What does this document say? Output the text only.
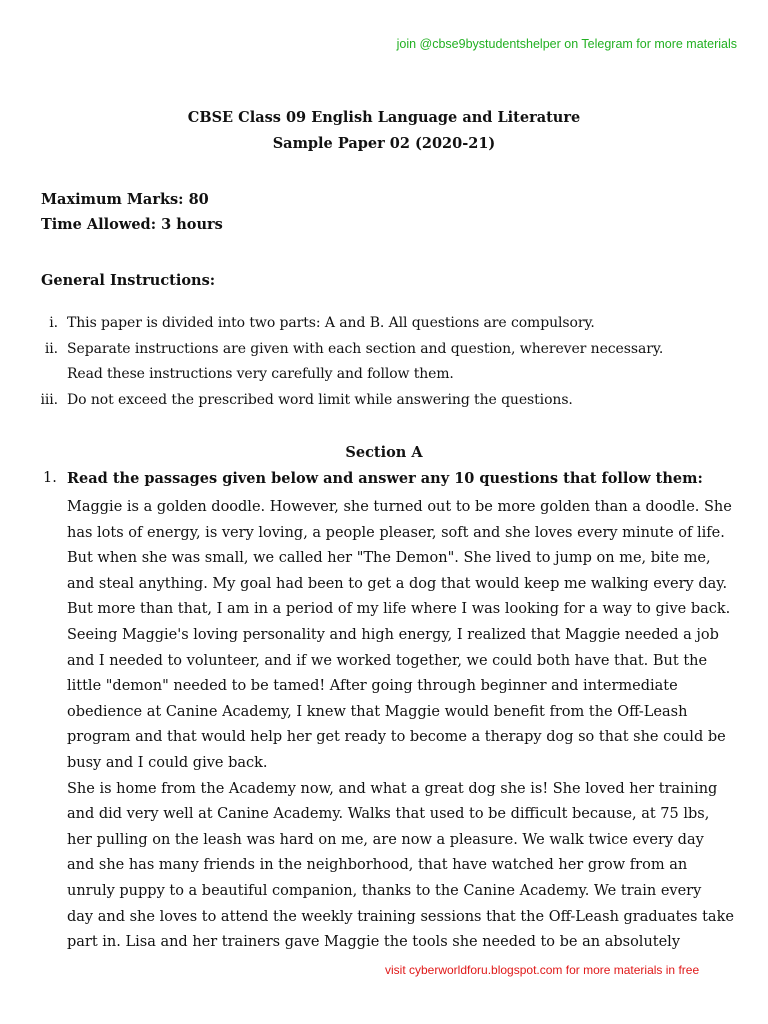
join @cbse9bystudentshelper on Telegram for more materials
CBSE Class 09 English Language and Literature
Sample Paper 02 (2020-21)
Maximum Marks: 80
Time Allowed: 3 hours
General Instructions:
i. This paper is divided into two parts: A and B. All questions are compulsory.
ii. Separate instructions are given with each section and question, wherever necessary.
Read these instructions very carefully and follow them.
iii. Do not exceed the prescribed word limit while answering the questions.
Section A
1. Read the passages given below and answer any 10 questions that follow them:
Maggie is a golden doodle. However, she turned out to be more golden than a doodle. She
has lots of energy, is very loving, a people pleaser, soft and she loves every minute of life.
But when she was small, we called her "The Demon". She lived to jump on me, bite me,
and steal anything. My goal had been to get a dog that would keep me walking every day.
But more than that, I am in a period of my life where I was looking for a way to give back.
Seeing Maggie's loving personality and high energy, I realized that Maggie needed a job
and I needed to volunteer, and if we worked together, we could both have that. But the
little "demon" needed to be tamed! After going through beginner and intermediate
obedience at Canine Academy, I knew that Maggie would benefit from the Off-Leash
program and that would help her get ready to become a therapy dog so that she could be
busy and I could give back.
She is home from the Academy now, and what a great dog she is! She loved her training
and did very well at Canine Academy. Walks that used to be difficult because, at 75 lbs,
her pulling on the leash was hard on me, are now a pleasure. We walk twice every day
and she has many friends in the neighborhood, that have watched her grow from an
unruly puppy to a beautiful companion, thanks to the Canine Academy. We train every
day and she loves to attend the weekly training sessions that the Off-Leash graduates take
part in. Lisa and her trainers gave Maggie the tools she needed to be an absolutely
visit cyberworldforu.blogspot.com for more materials in free
